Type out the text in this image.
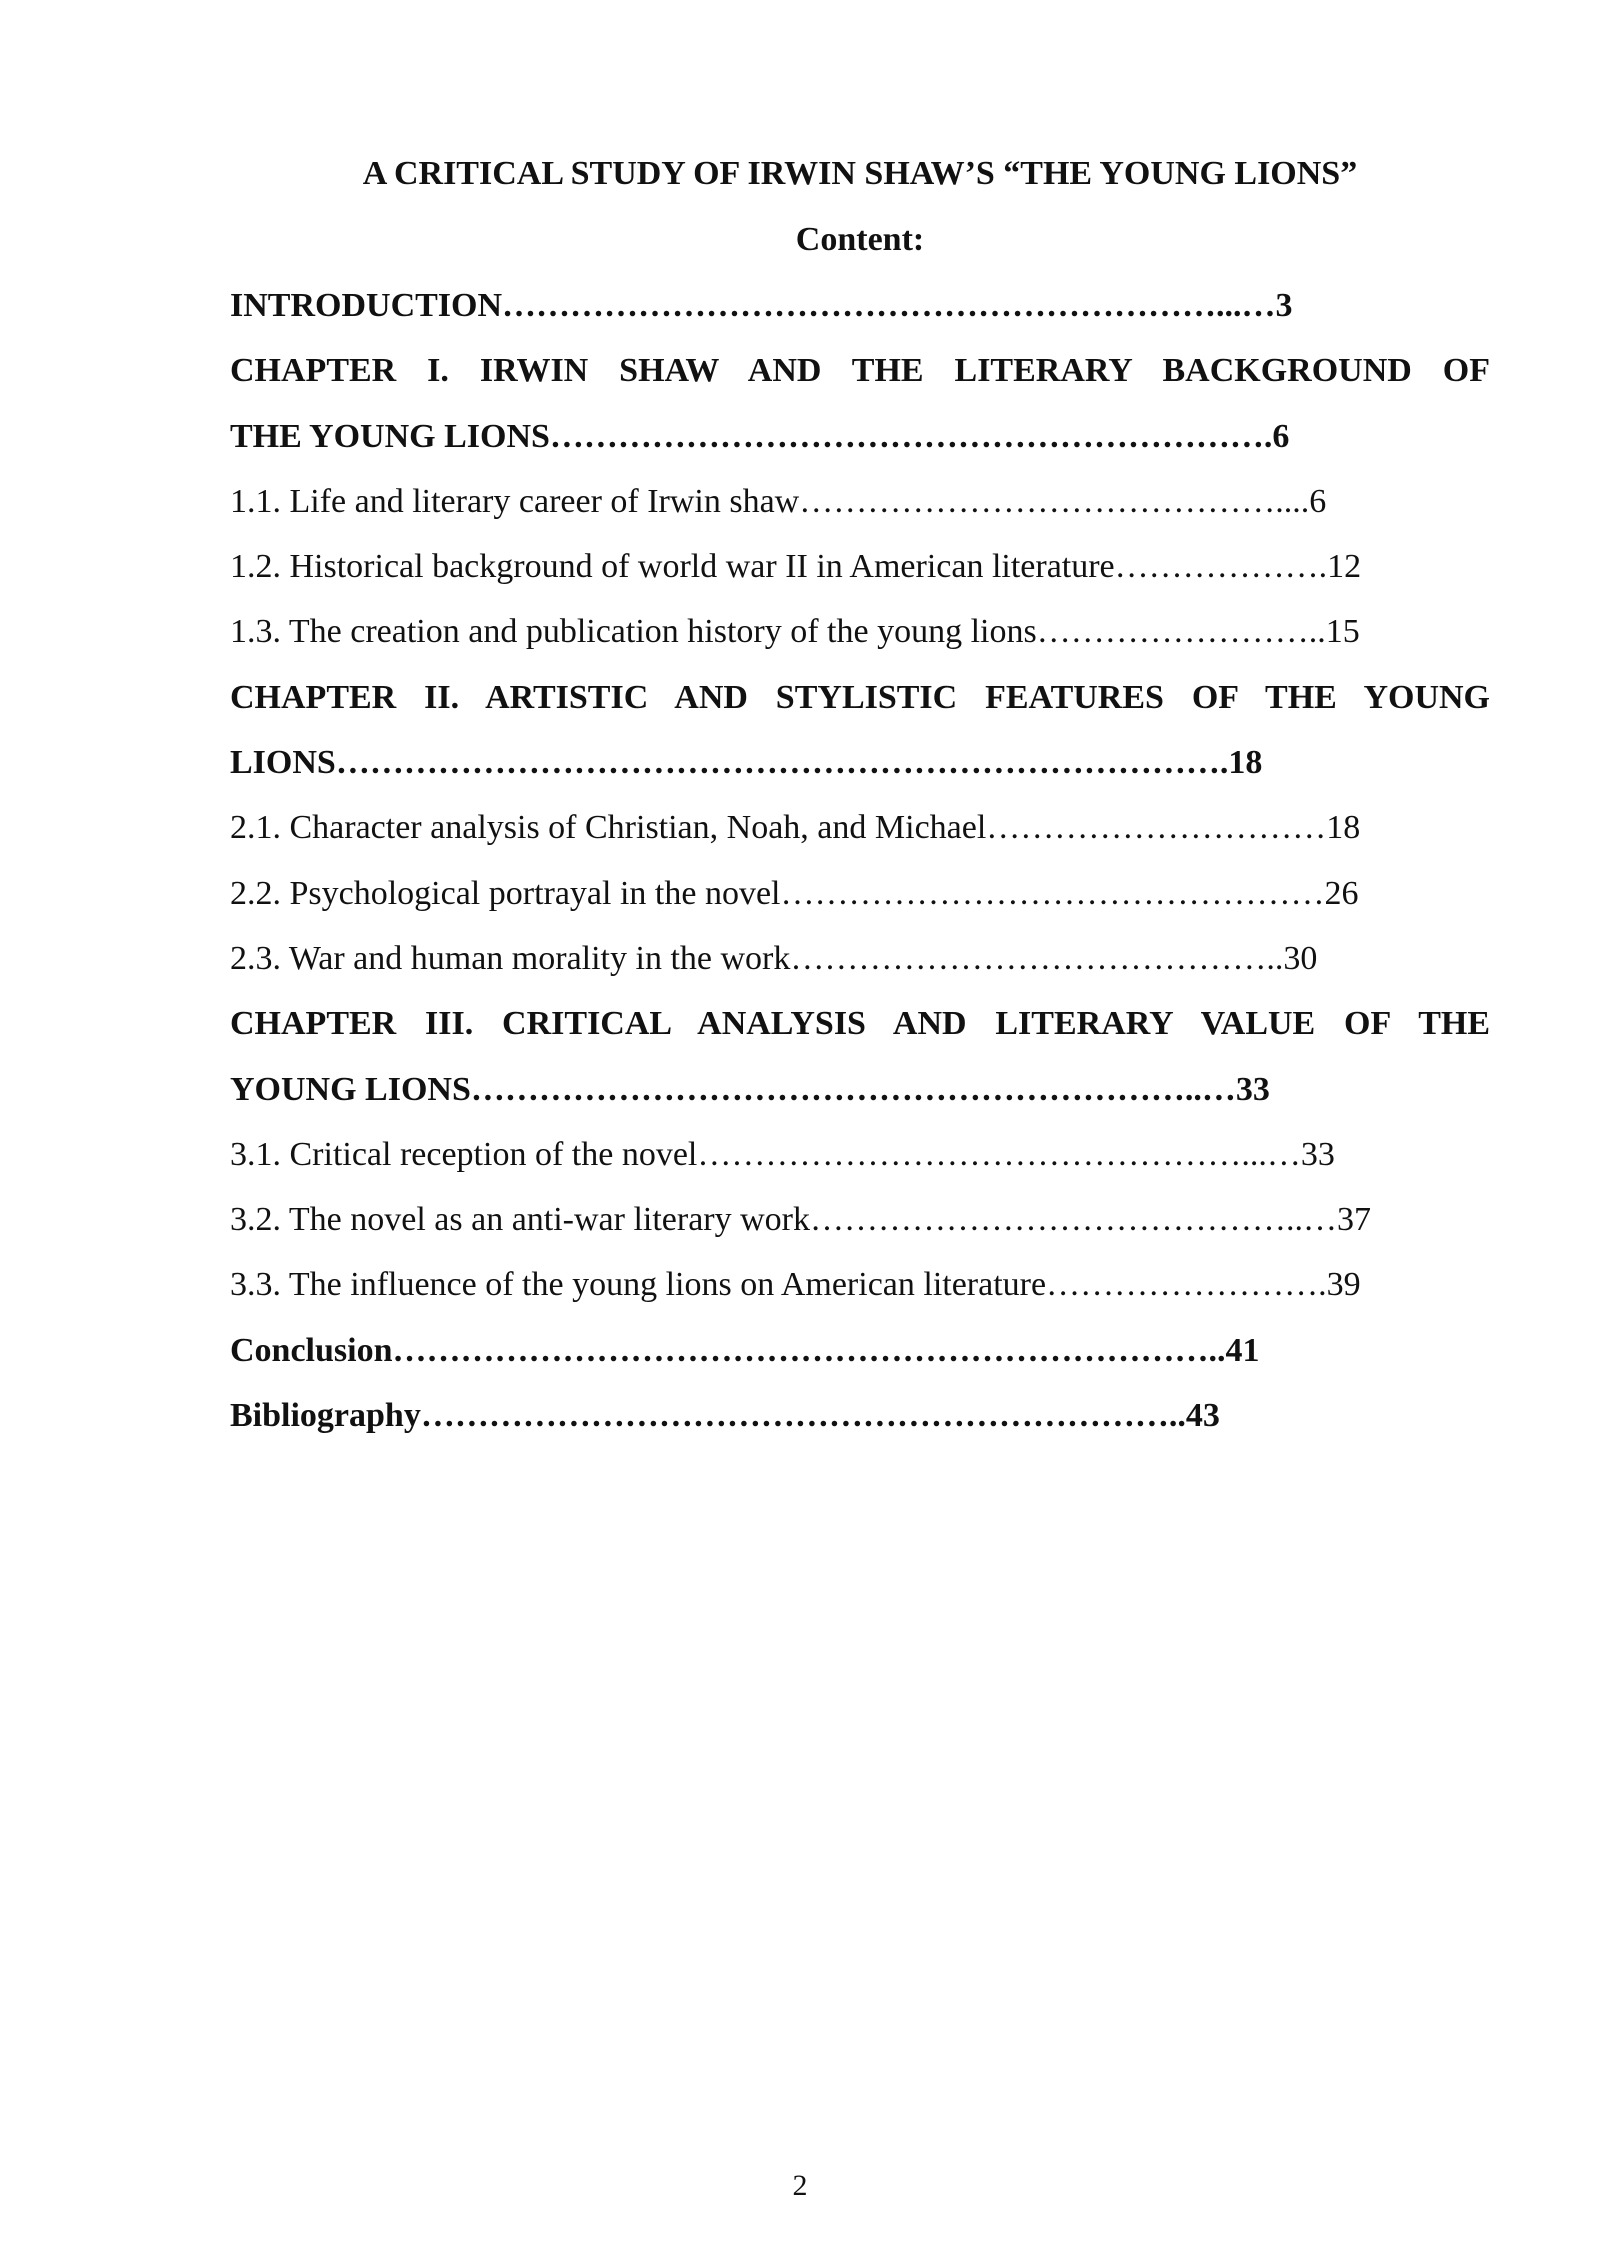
A CRITICAL STUDY OF IRWIN SHAW’S “THE YOUNG LIONS”
Content:
INTRODUCTION………………………………………………………...…3
CHAPTER I. IRWIN SHAW AND THE LITERARY BACKGROUND OF
THE YOUNG LIONS……………………………………………………….6
1.1. Life and literary career of Irwin shaw……………………………………....6
1.2. Historical background of world war II in American literature……………….12
1.3. The creation and publication history of the young lions……………………..15
CHAPTER II. ARTISTIC AND STYLISTIC FEATURES OF THE YOUNG
LIONS…………………………………………………………………….18
2.1. Character analysis of Christian, Noah, and Michael…………………………18
2.2. Psychological portrayal in the novel…………………………………………26
2.3. War and human morality in the work……………………………………..30
CHAPTER III. CRITICAL ANALYSIS AND LITERARY VALUE OF THE
YOUNG LIONS………………………………………………………..…33
3.1. Critical reception of the novel…………………………………………...…33
3.2. The novel as an anti-war literary work……………………………………..…37
3.3. The influence of the young lions on American literature…………………….39
Conclusion………………………………………………………………..41
Bibliography…………………………………………………………..43
2
